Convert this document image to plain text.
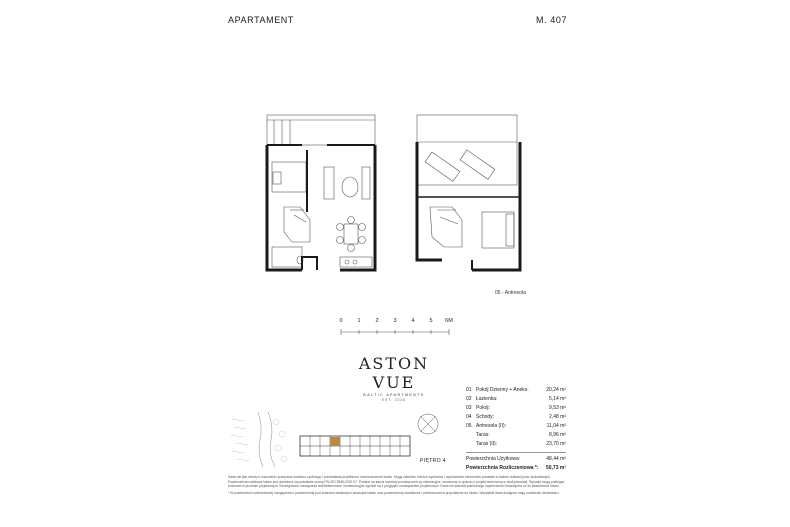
APARTAMENT	M. 407
05 - Antresola
0	1	2	3	4	5 6M
ASTON VUE
BALTIC APARTMENTS
EST. 2026
01 Pokój Dzienny + Aneks:	20,24 m²
02 Łazienka:	5,14 m²
03 Pokój:	9,53 m²
04 Schody:	2,48 m²
05 Antresola (II):	11,04 m²
Taras:	8,96 m²
Taras (II):	23,70 m²
Powierzchnia Użytkowa:	48,44 m²
Powierzchnia Rozliczeniowa *: 50,73 m²
PIĘTRO 4

Karta nie jest ofertą w rozumieniu przepisów kodeksu cywilnego i przedstawia przybliżone rozmieszczenie lokalu. Mogą zaistnieć różnice wymiarów i usytuowanie elementów powstałe w trakcie realizacji prac budowlanych. Powierzchnia użytkowa lokalu jest określona na podstawie normy PN-ISO 9836:2022-07. Podane na karcie wymiary pomieszczeń są orientacyjne, wnoszone w oparciu o projekt techniczny w skali planowej. Rysunki mogą podlegać zmianom w procesie projektowym. Szczegółowe rozwiązania architektoniczne i konstrukcyjne zgodne są z przyjętym rozwiązaniem projektowym. Karta nie stanowi publicznego zapewnienia Dewelopera co do właściwości lokalu.

* W powierzchni rozliczeniowej uwzględniono powierzchnię pod ścianami działowymi wewnątrz lokalu oraz powierzchnię dodatkowe i pomieszczenia przynależne do lokalu. Wszystkie dane dostępne mają możliwość demontażu.
